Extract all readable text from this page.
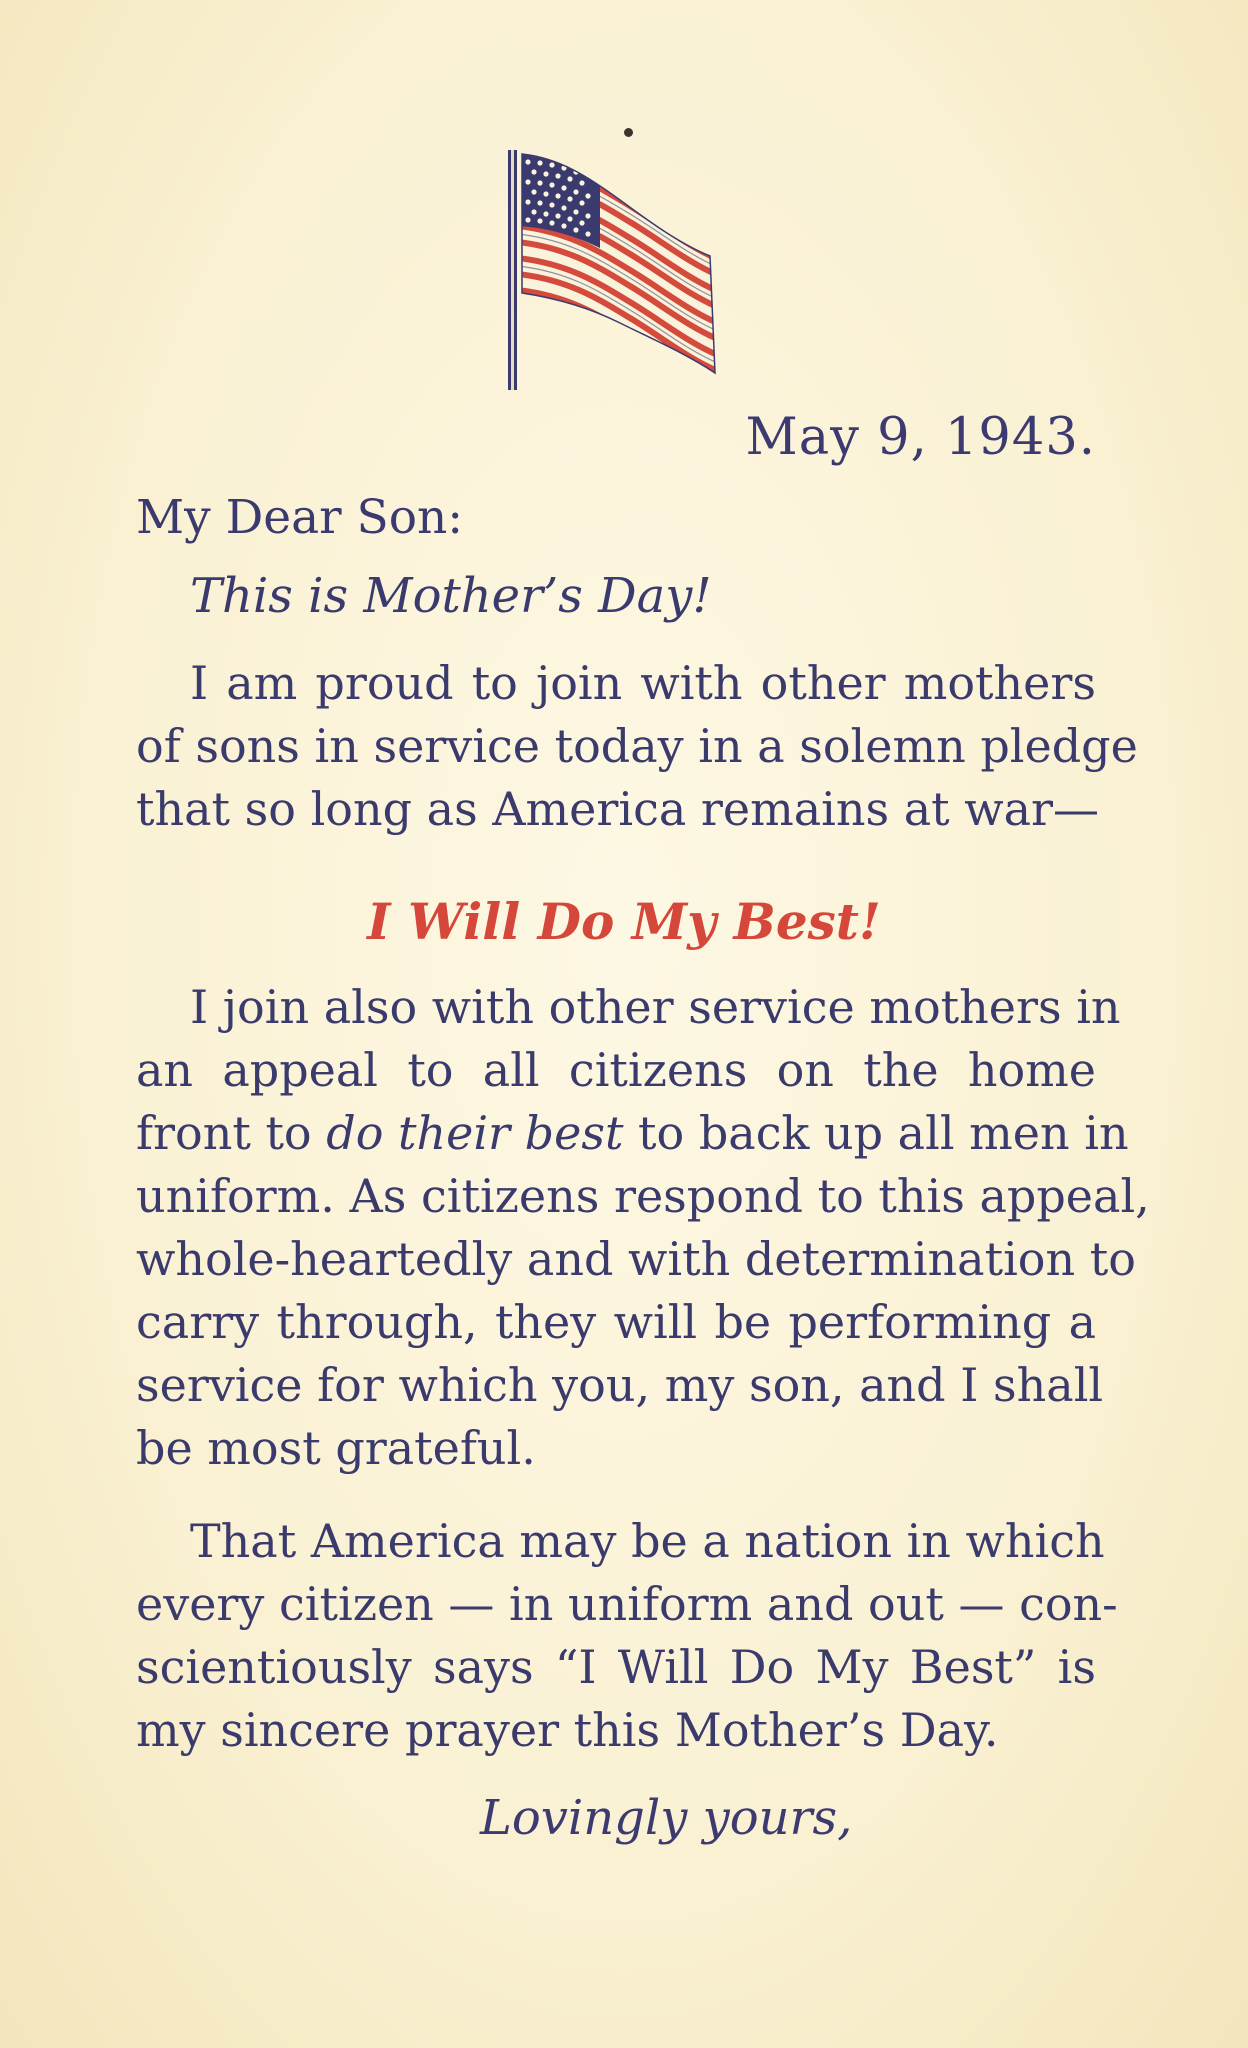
May 9, 1943.
My Dear Son:
This is Mother’s Day!
I am proud to join with other mothers
of sons in service today in a solemn pledge
that so long as America remains at war—
I Will Do My Best!
I join also with other service mothers in
an appeal to all citizens on the home
front to do their best to back up all men in
uniform. As citizens respond to this appeal,
whole-heartedly and with determination to
carry through, they will be performing a
service for which you, my son, and I shall
be most grateful.
That America may be a nation in which
every citizen — in uniform and out — con-
scientiously says “I Will Do My Best” is
my sincere prayer this Mother’s Day.
Lovingly yours,
